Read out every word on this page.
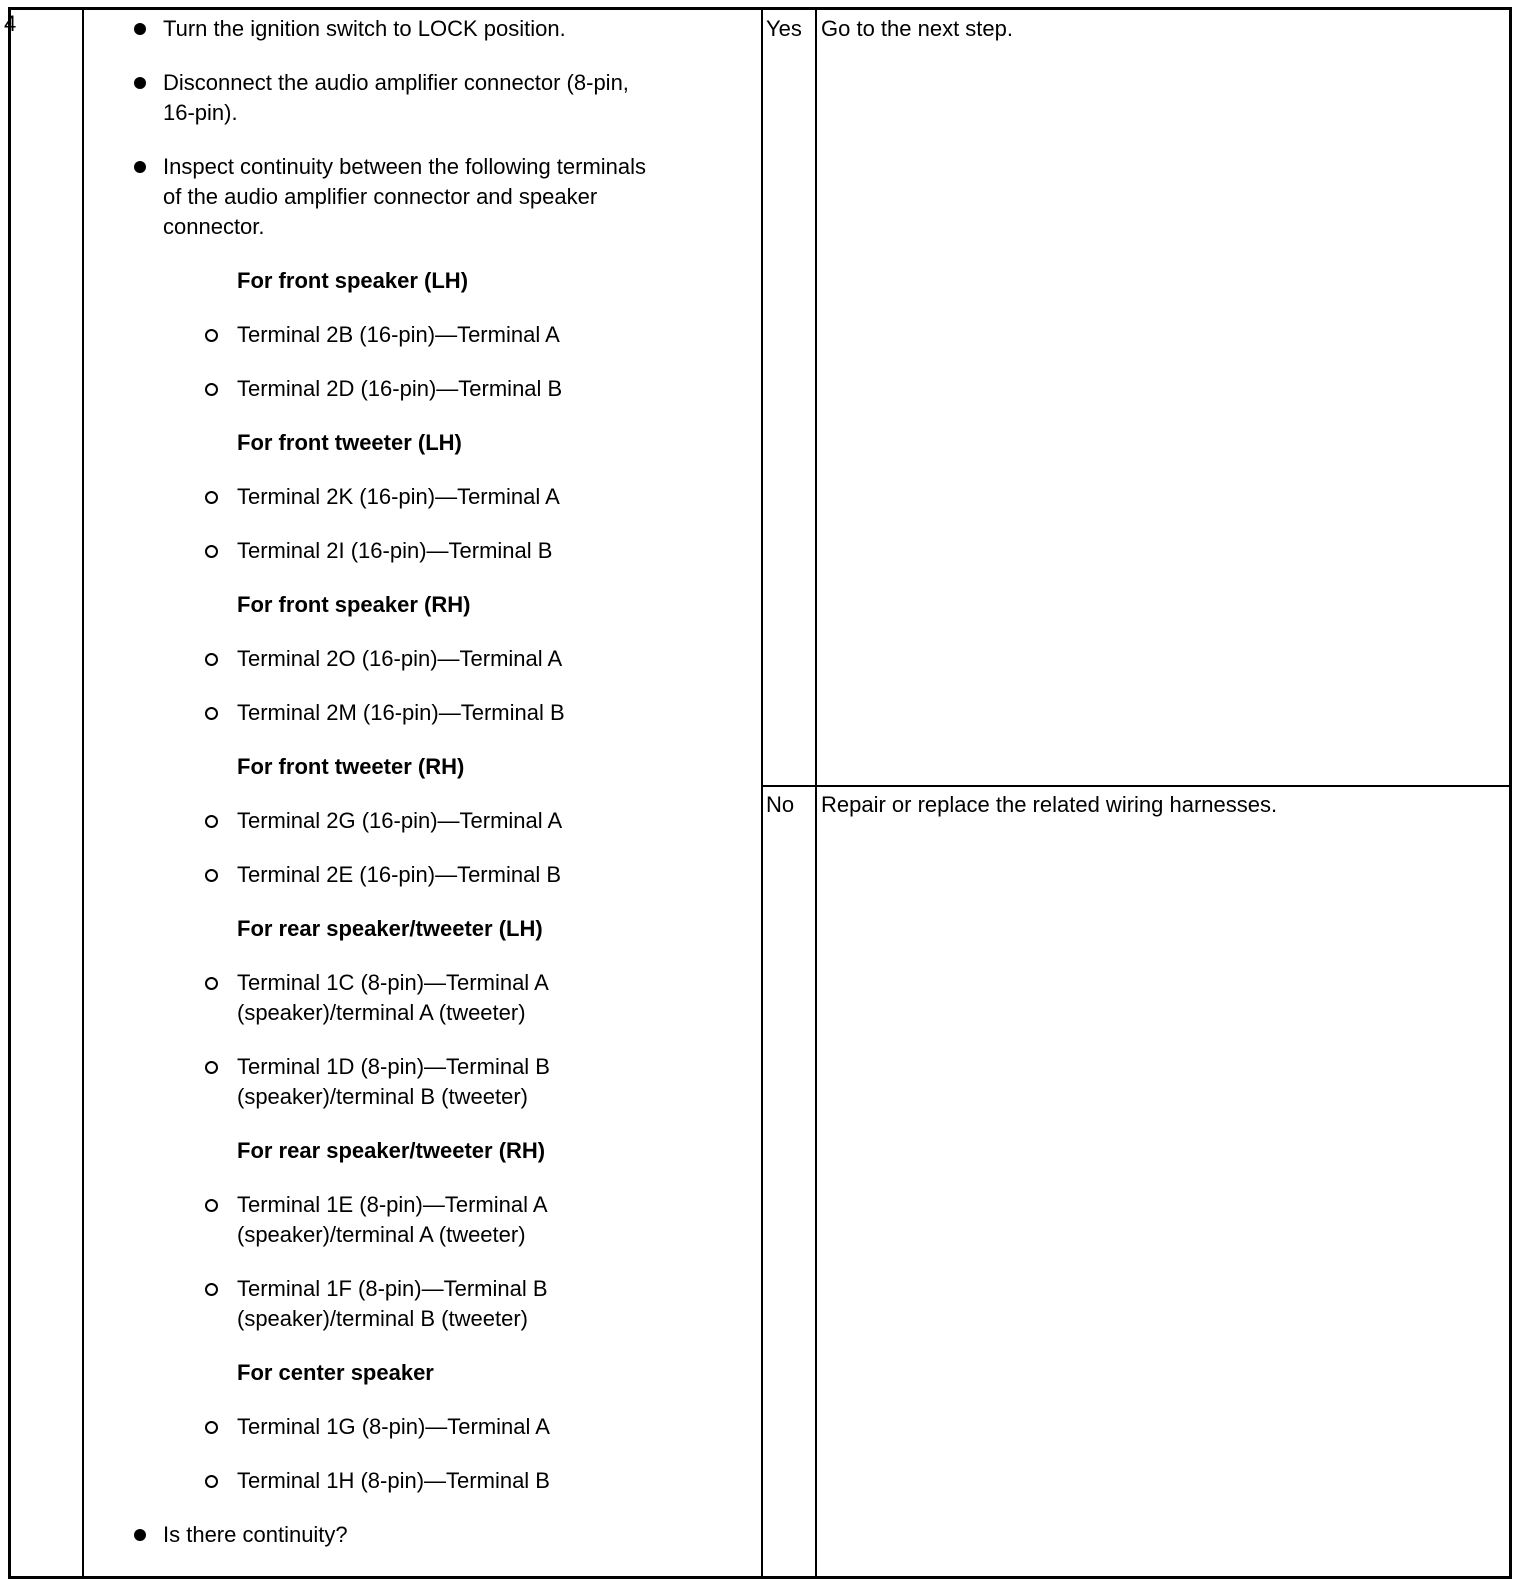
4	Turn the ignition switch to LOCK position.
Disconnect the audio amplifier connector (8-pin,
16-pin).
Inspect continuity between the following terminals
of the audio amplifier connector and speaker
connector.
For front speaker (LH)
Terminal 2B (16-pin)—Terminal A
Terminal 2D (16-pin)—Terminal B
For front tweeter (LH)
Terminal 2K (16-pin)—Terminal A
Terminal 2I (16-pin)—Terminal B
For front speaker (RH)
Terminal 2O (16-pin)—Terminal A
Terminal 2M (16-pin)—Terminal B
For front tweeter (RH)
Terminal 2G (16-pin)—Terminal A
Terminal 2E (16-pin)—Terminal B
For rear speaker/tweeter (LH)
Terminal 1C (8-pin)—Terminal A
(speaker)/terminal A (tweeter)
Terminal 1D (8-pin)—Terminal B
(speaker)/terminal B (tweeter)
For rear speaker/tweeter (RH)
Terminal 1E (8-pin)—Terminal A
(speaker)/terminal A (tweeter)
Terminal 1F (8-pin)—Terminal B
(speaker)/terminal B (tweeter)
For center speaker
Terminal 1G (8-pin)—Terminal A
Terminal 1H (8-pin)—Terminal B
Is there continuity?
Yes Go to the next step.
No Repair or replace the related wiring harnesses.
